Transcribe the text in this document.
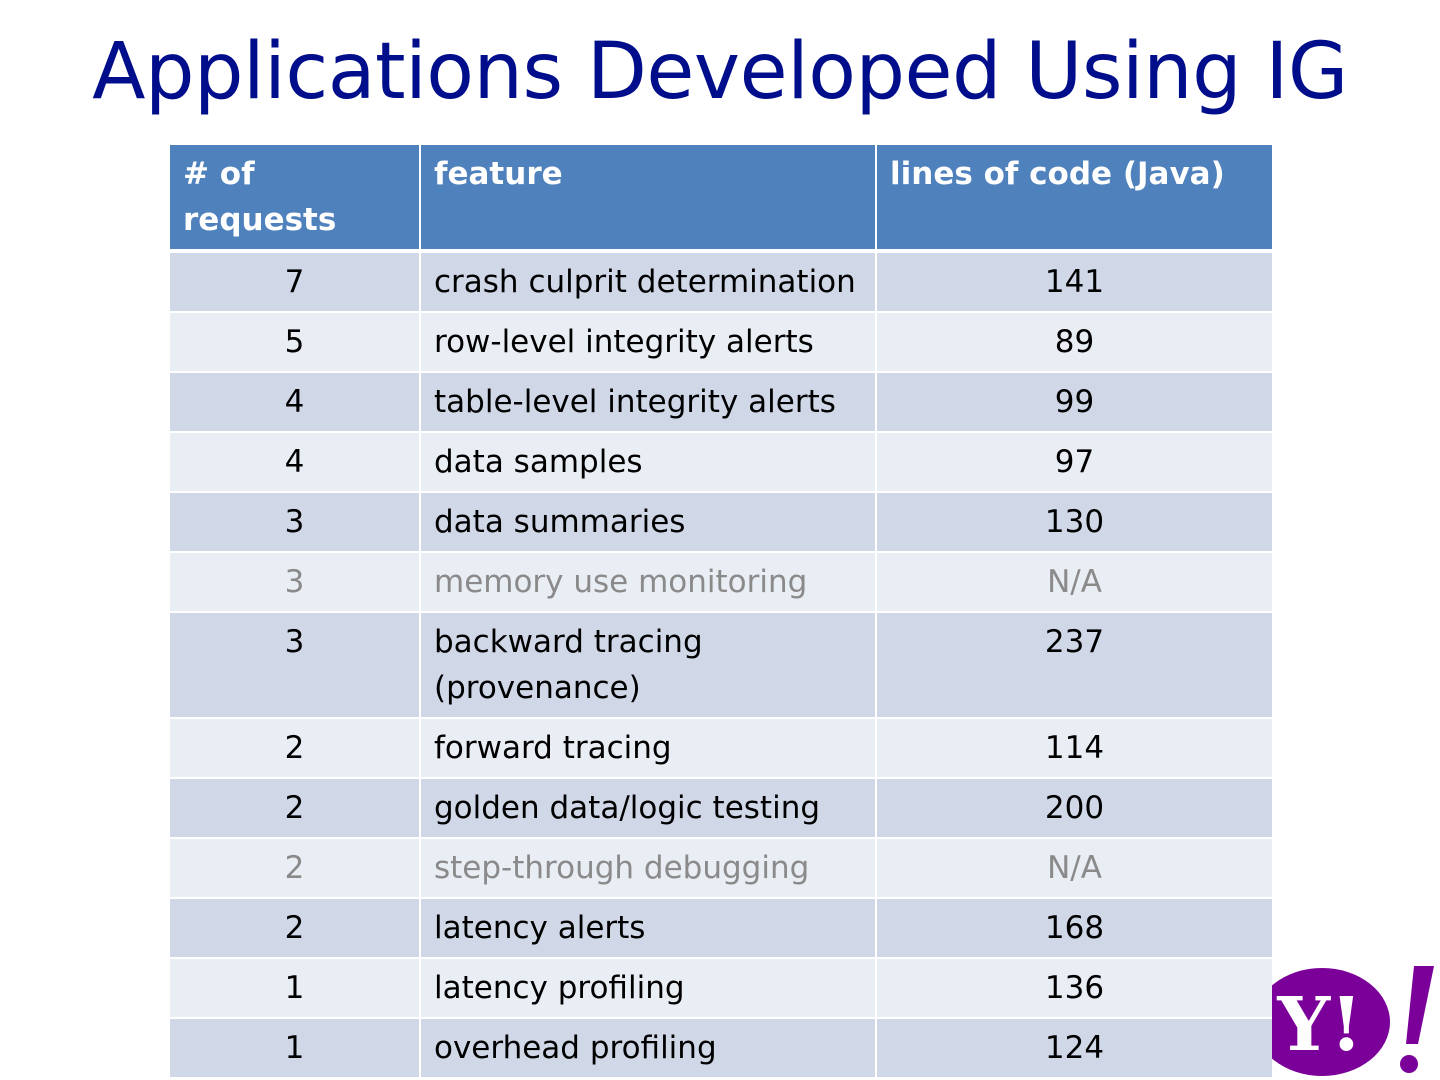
Applications Developed Using IG
# of requests	feature	lines of code (Java)
7	crash culprit determination	141
5	row-level integrity alerts	89
4	table-level integrity alerts	99
4	data samples	97
3	data summaries	130
3	memory use monitoring	N/A
3	backward tracing (provenance)	237
2	forward tracing	114
2	golden data/logic testing	200
2	step-through debugging	N/A
2	latency alerts	168
1	latency profiling	136
1	overhead profiling	124 Y!
